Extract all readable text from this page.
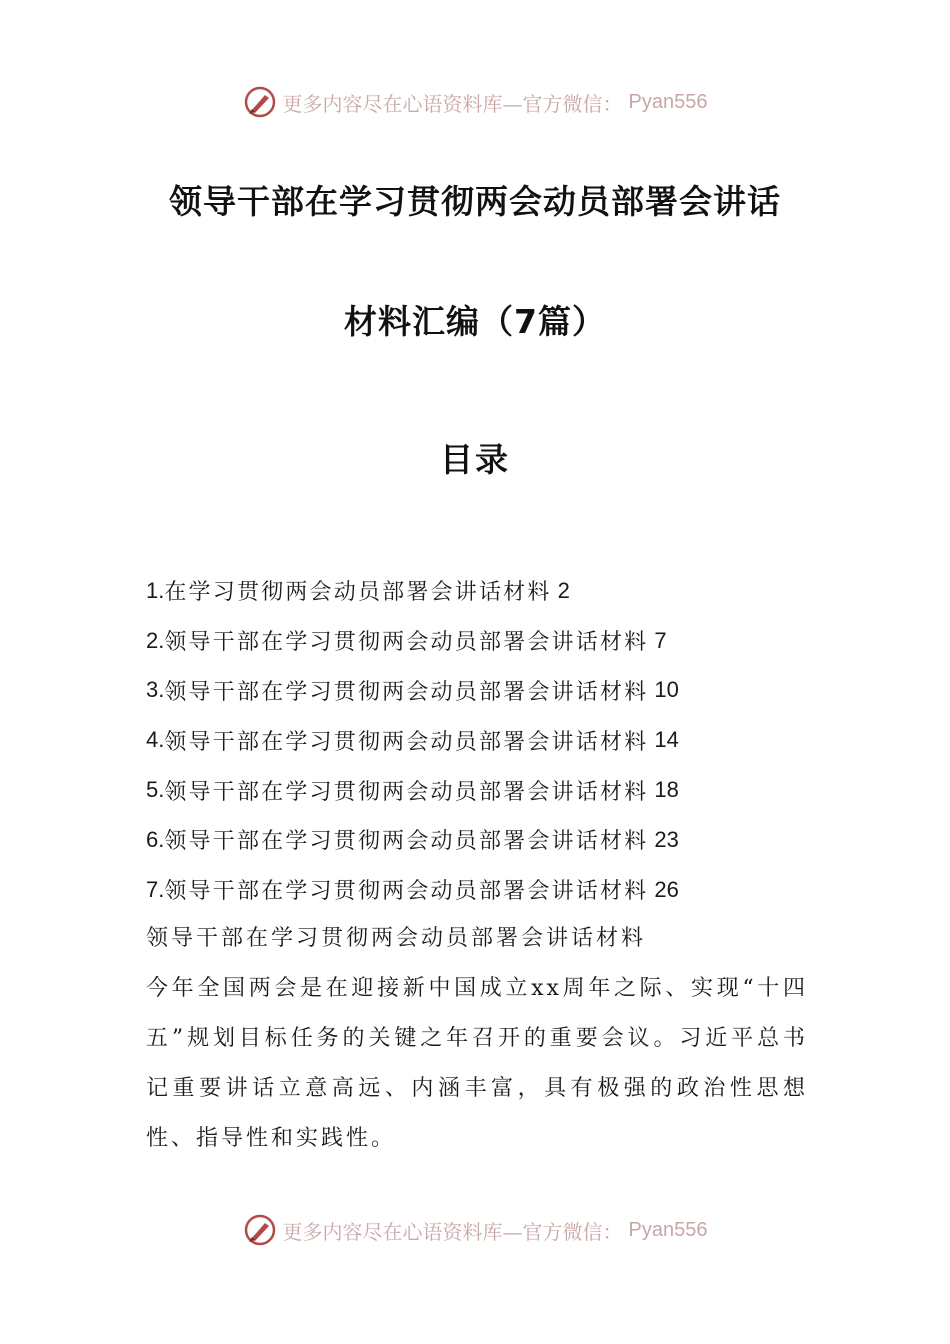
更多内容尽在心语资料库—官方微信： Pyan556
领导干部在学习贯彻两会动员部署会讲话
材料汇编（7篇）
目录
1. 在学习贯彻两会动员部署会讲话材料 2
2. 领导干部在学习贯彻两会动员部署会讲话材料 7
3. 领导干部在学习贯彻两会动员部署会讲话材料 10
4. 领导干部在学习贯彻两会动员部署会讲话材料 14
5. 领导干部在学习贯彻两会动员部署会讲话材料 18
6. 领导干部在学习贯彻两会动员部署会讲话材料 23
7. 领导干部在学习贯彻两会动员部署会讲话材料 26
领导干部在学习贯彻两会动员部署会讲话材料

今年全国两会是在迎接新中国成立xx周年之际、实现“十四五”规划目标任务的关键之年召开的重要会议。习近平总书记重要讲话立意高远、内涵丰富，具有极强的政治性思想性、指导性和实践性。

更多内容尽在心语资料库—官方微信： Pyan556
